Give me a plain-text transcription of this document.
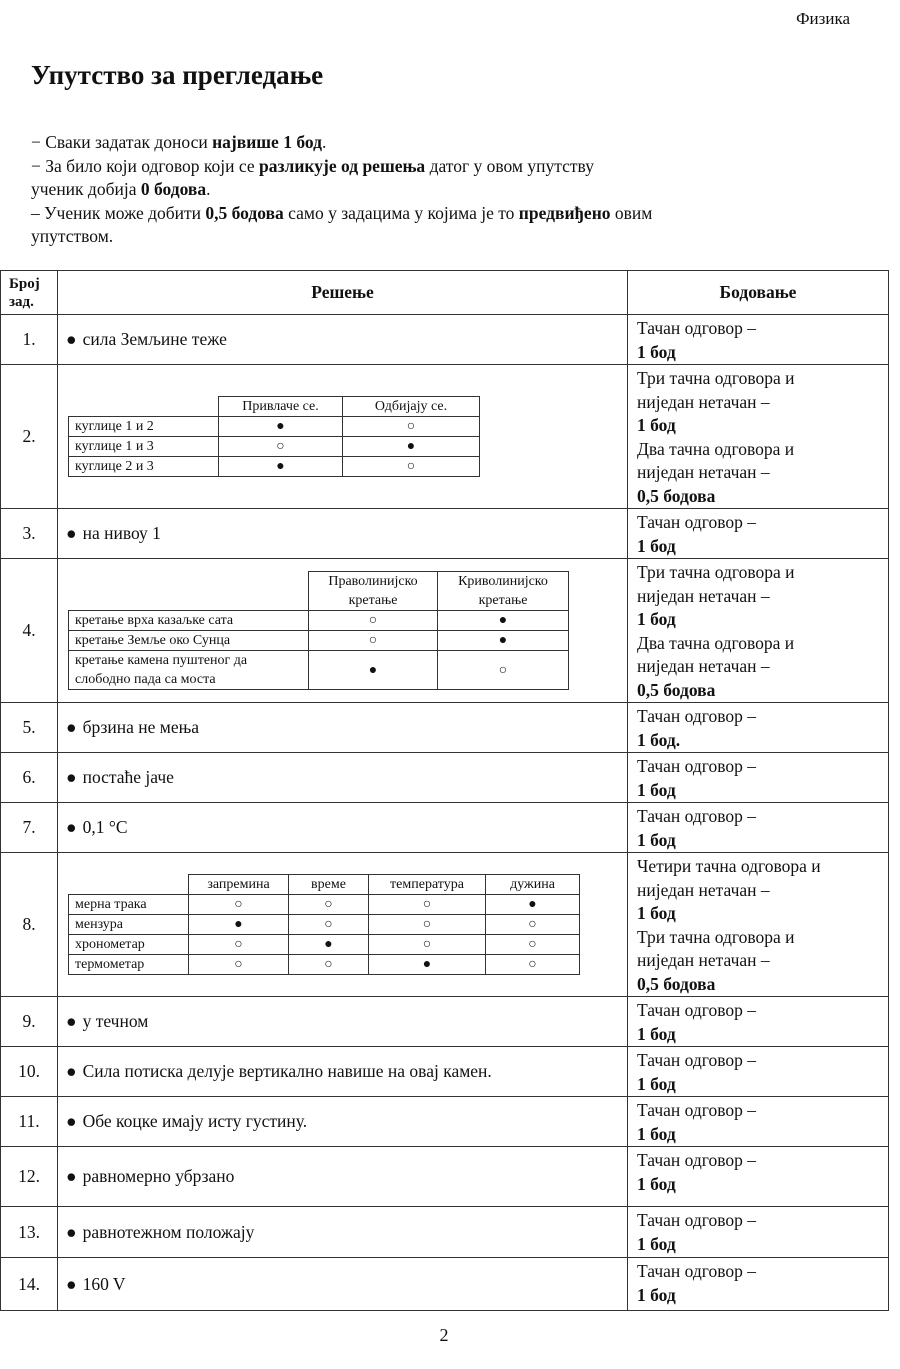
Физика
Упутство за прегледање

− Сваки задатак доноси највише 1 бод.

− За било који одговор који се разликује од решења датог у овом упутству

ученик добија 0 бодова.

– Ученик може добити 0,5 бодова само у задацима у којима је то предвиђено овим

упутством.

Број
зад.	Решење	Бодовање
1.	● сила Земљине теже	Тачан одговор –
1 бод
2.	
	Привлаче се.	Одбијају се.
куглице 1 и 2	●	○
куглице 1 и 3	○	●
куглице 2 и 3	●	○
	Три тачна одговора и
ниједан нетачан –
1 бод
Два тачна одговора и
ниједан нетачан –
0,5 бодова
3.	● на нивоу 1	Тачан одговор –
1 бод
4.	
	Праволинијско кретање	Криволинијско кретање
кретање врха казаљке сата	○	●
кретање Земље око Сунца	○	●
кретање камена пуштеног да слободно пада са моста	●	○
	Три тачна одговора и
ниједан нетачан –
1 бод
Два тачна одговора и
ниједан нетачан –
0,5 бодова
5.	● брзина не мења	Тачан одговор –
1 бод.
6.	● постаће јаче	Тачан одговор –
1 бод
7.	● 0,1 °C	Тачан одговор –
1 бод
8.	
	запремина	време	температура	дужина
мерна трака	○	○	○	●
мензура	●	○	○	○
хронометар	○	●	○	○
термометар	○	○	●	○
	Четири тачна одговора и
ниједан нетачан –
1 бод
Три тачна одговора и
ниједан нетачан –
0,5 бодова
9.	● у течном	Тачан одговор –
1 бод
10.	● Сила потиска делује вертикално навише на овај камен.	Тачан одговор –
1 бод
11.	● Обе коцке имају исту густину.	Тачан одговор –
1 бод
12.	● равномерно убрзано	Тачан одговор –
1 бод
13.	● равнотежном положају	Тачан одговор –
1 бод
14.	● 160 V	Тачан одговор –
1 бод
2
